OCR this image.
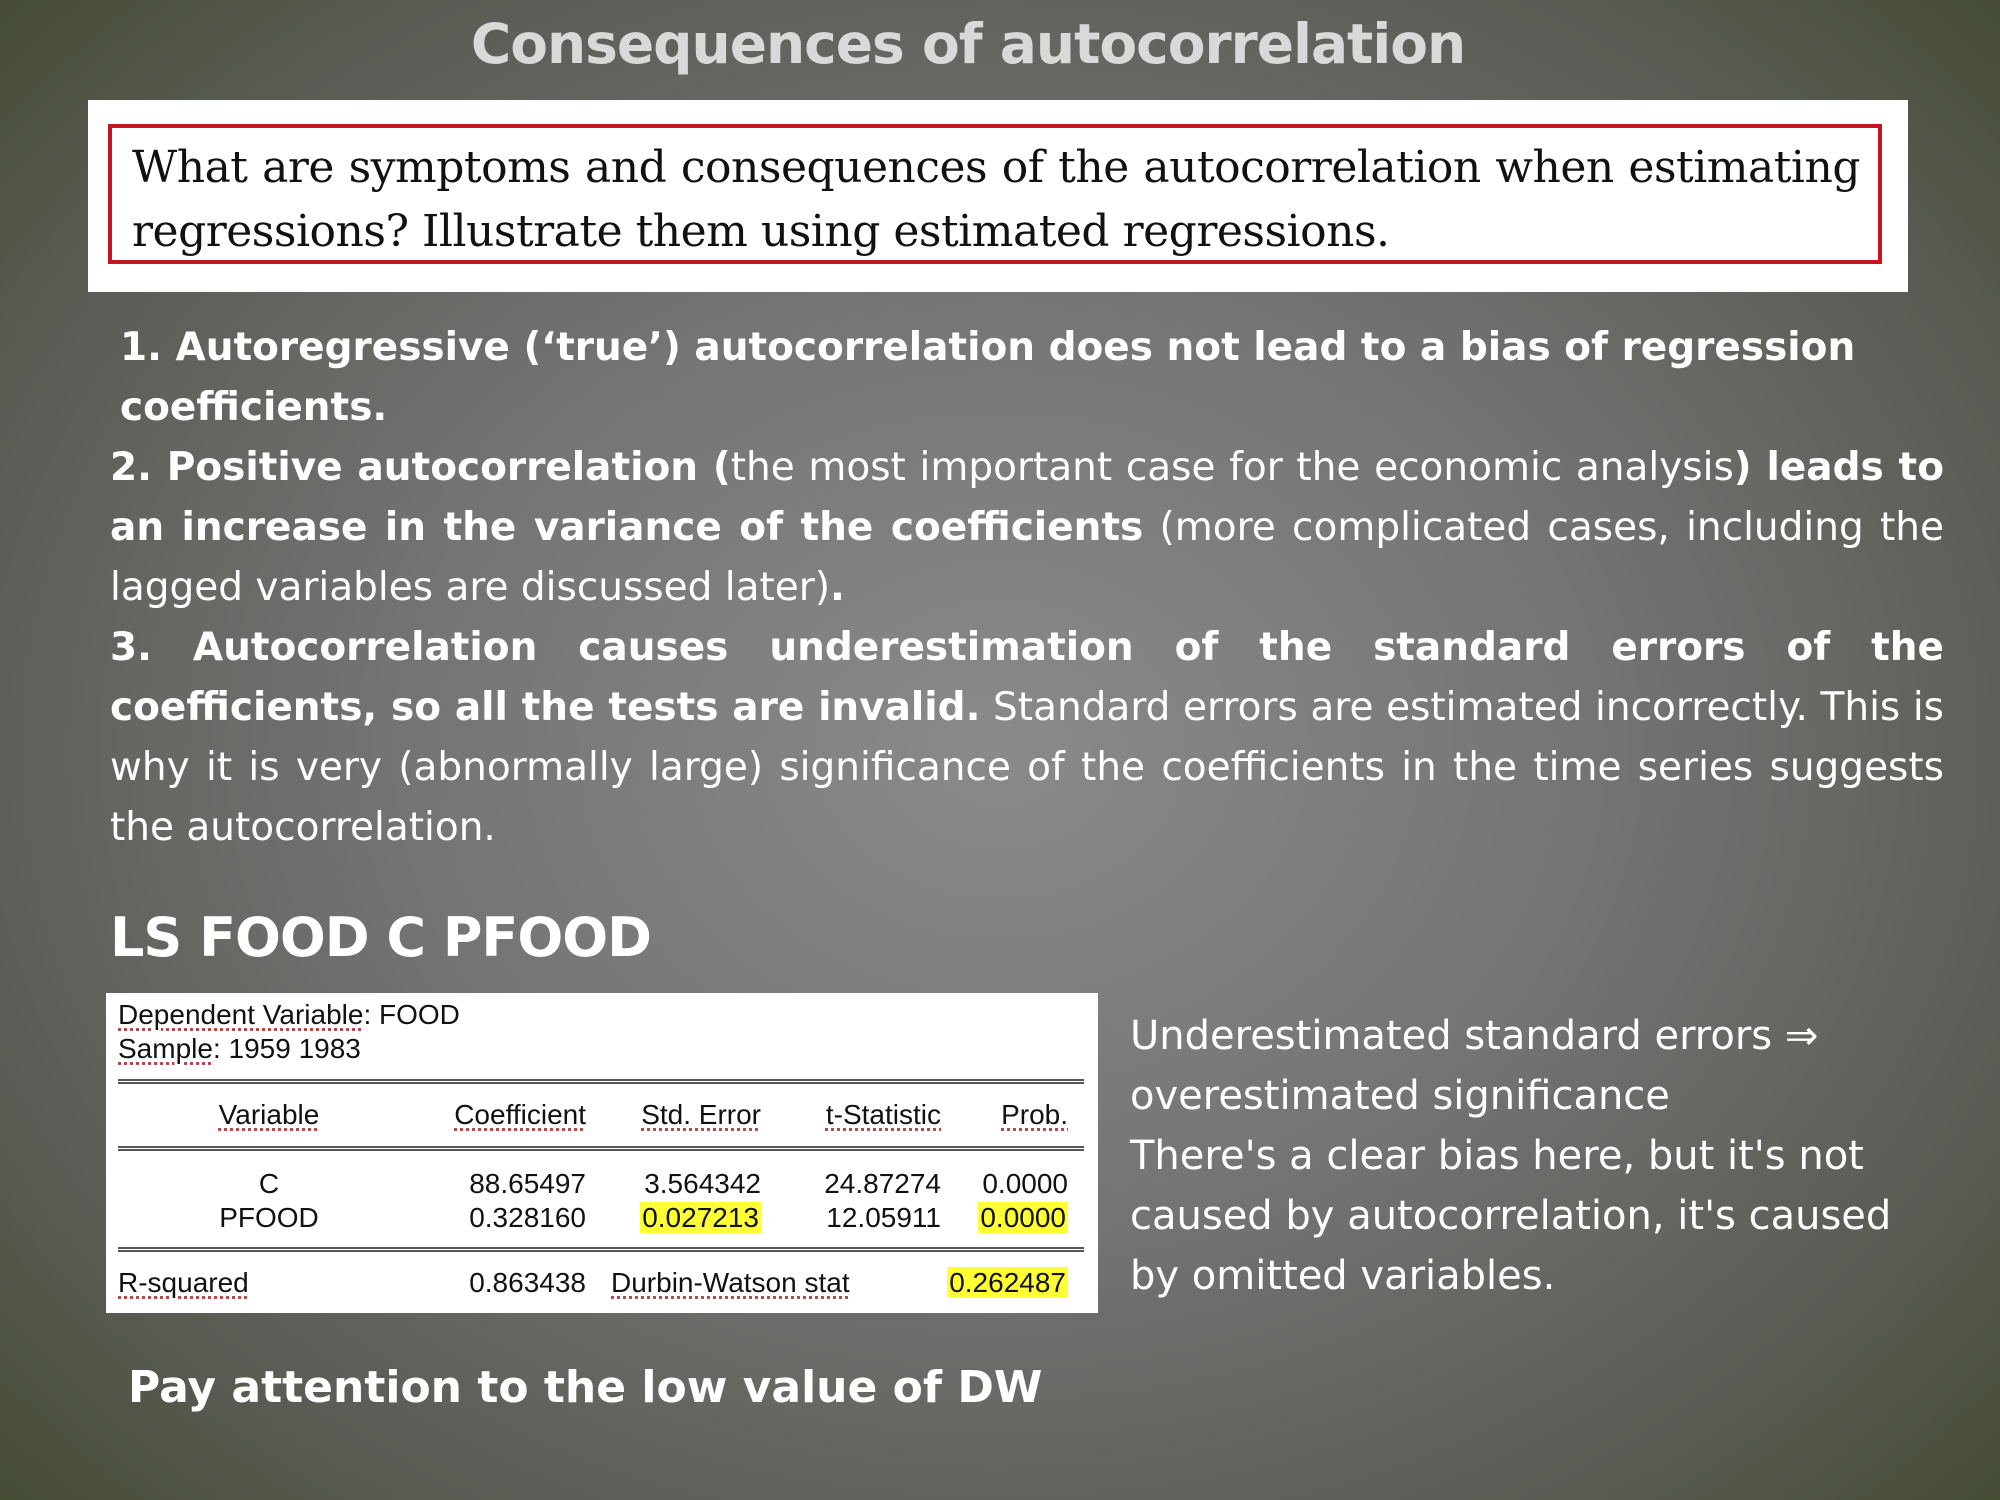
Consequences of autocorrelation
What are symptoms and consequences of the autocorrelation when estimating regressions? Illustrate them using estimated regressions.

1. Autoregressive (‘true’) autocorrelation does not lead to a bias of regression coefficients.

2. Positive autocorrelation (the most important case for the economic analysis) leads to an increase in the variance of the coefficients (more complicated cases, including the lagged variables are discussed later).

3. Autocorrelation causes underestimation of the standard errors of the coefficients, so all the tests are invalid. Standard errors are estimated incorrectly. This is why it is very (abnormally large) significance of the coefficients in the time series suggests the autocorrelation.

LS FOOD C PFOOD
Dependent Variable: FOOD
Sample: 1959 1983
Variable	Coefficient	Std. Error	t-Statistic	Prob.
C	88.65497	3.564342	24.87274	0.0000
PFOOD	0.328160	0.027213	12.05911	0.0000
R-squared	0.863438 Durbin-Watson stat	0.262487

Underestimated standard errors ⇒ overestimated significance

There's a clear bias here, but it's not caused by autocorrelation, it's caused by omitted variables.

Pay attention to the low value of DW
